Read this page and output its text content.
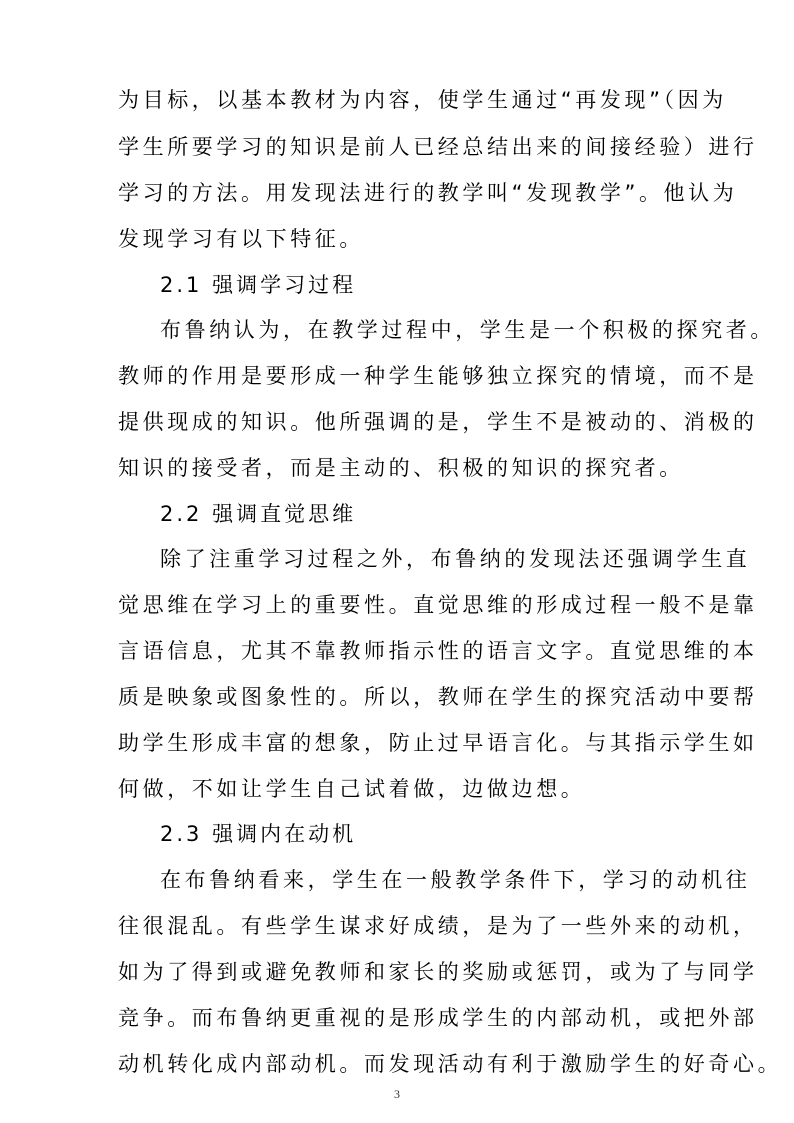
为目标，以基本教材为内容，使学生通过“再发现”（因为
学生所要学习的知识是前人已经总结出来的间接经验）进行
学习的方法。用发现法进行的教学叫“发现教学”。他认为
发现学习有以下特征。
2.1 强调学习过程
布鲁纳认为，在教学过程中，学生是一个积极的探究者。
教师的作用是要形成一种学生能够独立探究的情境，而不是
提供现成的知识。他所强调的是，学生不是被动的、消极的
知识的接受者，而是主动的、积极的知识的探究者。
2.2 强调直觉思维
除了注重学习过程之外，布鲁纳的发现法还强调学生直
觉思维在学习上的重要性。直觉思维的形成过程一般不是靠
言语信息，尤其不靠教师指示性的语言文字。直觉思维的本
质是映象或图象性的。所以，教师在学生的探究活动中要帮
助学生形成丰富的想象，防止过早语言化。与其指示学生如
何做，不如让学生自己试着做，边做边想。
2.3 强调内在动机
在布鲁纳看来，学生在一般教学条件下，学习的动机往
往很混乱。有些学生谋求好成绩，是为了一些外来的动机，
如为了得到或避免教师和家长的奖励或惩罚，或为了与同学
竞争。而布鲁纳更重视的是形成学生的内部动机，或把外部
动机转化成内部动机。而发现活动有利于激励学生的好奇心。
3
